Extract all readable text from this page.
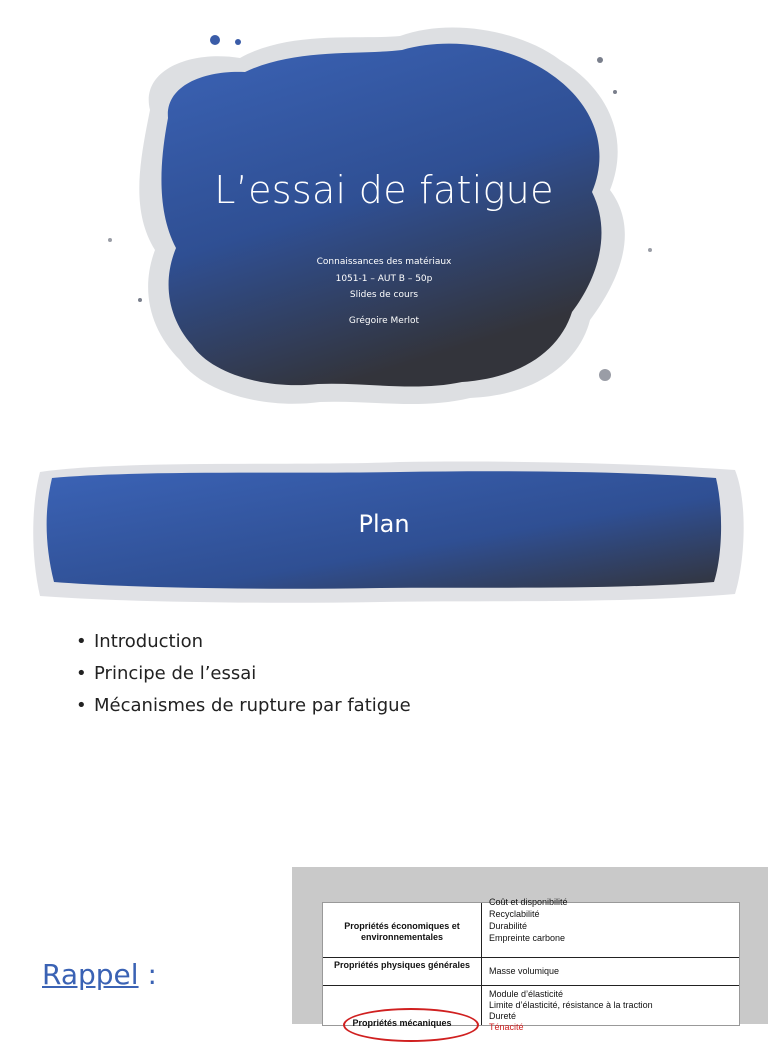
L’essai de fatigue
Connaissances des matériaux
1051-1 – AUT B – 50p
Slides de cours
Grégoire Merlot
Plan
• Introduction
• Principe de l’essai
• Mécanismes de rupture par fatigue
Rappel :
Propriétés économiques et environnementales
Coût et disponibilité
Recyclabilité
Durabilité
Empreinte carbone
Propriétés physiques générales
Masse volumique
Propriétés mécaniques
Module d’élasticité
Limite d’élasticité, résistance à la traction
Dureté
Ténacité
